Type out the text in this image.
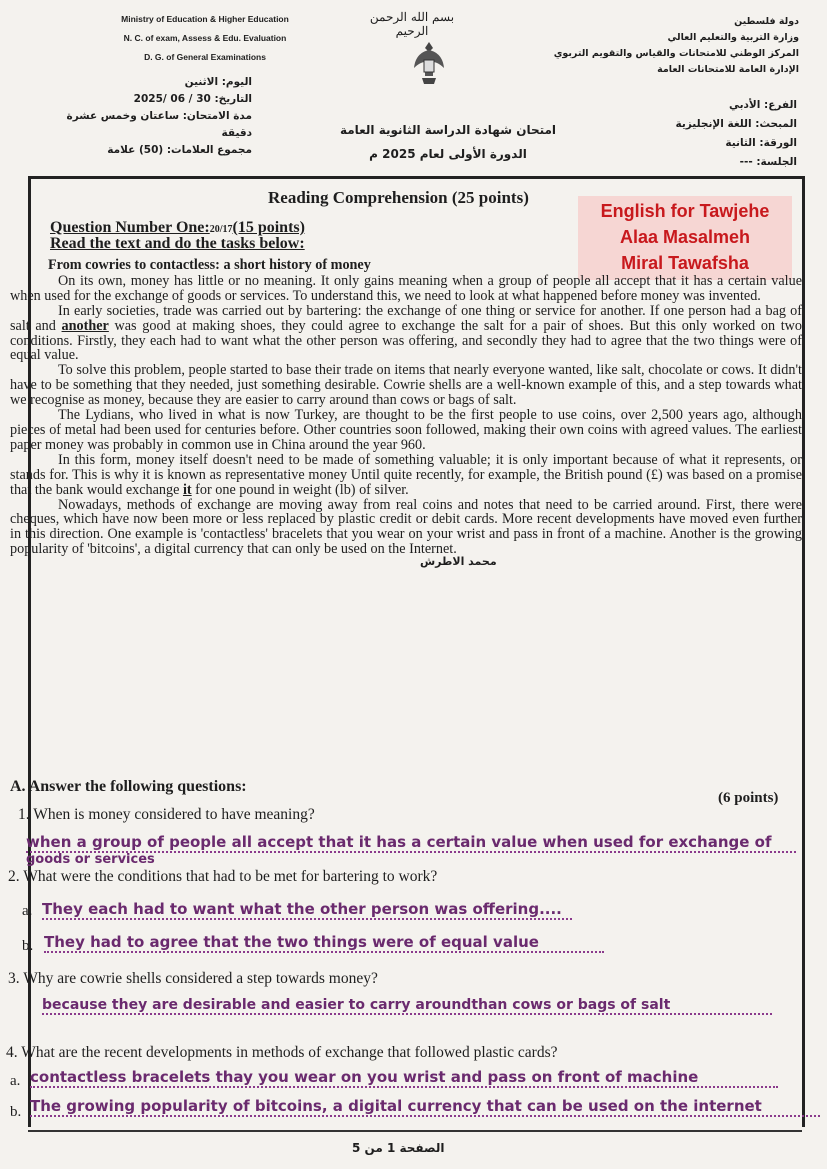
Ministry of Education & Higher Education
N. C. of exam, Assess & Edu. Evaluation
D. G. of General Examinations
بسم الله الرحمن الرحيم
دولة فلسطين
وزارة التربية والتعليم العالي
المركز الوطني للامتحانات والقياس والتقويم التربوي
الإدارة العامة للامتحانات العامة
اليوم: الاثنين
التاريخ: 30 / 06 /2025
مدة الامتحان: ساعتان وخمس عشرة دقيقة
مجموع العلامات: (50) علامة
امتحان شهادة الدراسة الثانوية العامة
الدورة الأولى لعام 2025 م
الفرع: الأدبي
المبحث: اللغة الإنجليزية
الورقة: الثانية
الجلسة: ---
Reading Comprehension (25 points)
English for Tawjehe
Alaa Masalmeh
Miral Tawafsha
Question Number One:20/17(15 points)
Read the text and do the tasks below:

From cowries to contactless: a short history of money

On its own, money has little or no meaning. It only gains meaning when a group of people all accept that it has a certain value when used for the exchange of goods or services. To understand this, we need to look at what happened before money was invented.

In early societies, trade was carried out by bartering: the exchange of one thing or service for another. If one person had a bag of salt and another was good at making shoes, they could agree to exchange the salt for a pair of shoes. But this only worked on two conditions. Firstly, they each had to want what the other person was offering, and secondly they had to agree that the two things were of equal value.

To solve this problem, people started to base their trade on items that nearly everyone wanted, like salt, chocolate or cows. It didn't have to be something that they needed, just something desirable. Cowrie shells are a well-known example of this, and a step towards what we recognise as money, because they are easier to carry around than cows or bags of salt.

The Lydians, who lived in what is now Turkey, are thought to be the first people to use coins, over 2,500 years ago, although pieces of metal had been used for centuries before. Other countries soon followed, making their own coins with agreed values. The earliest paper money was probably in common use in China around the year 960.

In this form, money itself doesn't need to be made of something valuable; it is only important because of what it represents, or stands for. This is why it is known as representative money Until quite recently, for example, the British pound (£) was based on a promise that the bank would exchange it for one pound in weight (lb) of silver.

Nowadays, methods of exchange are moving away from real coins and notes that need to be carried around. First, there were cheques, which have now been more or less replaced by plastic credit or debit cards. More recent developments have moved even further in this direction. One example is 'contactless' bracelets that you wear on your wrist and pass in front of a machine. Another is the growing popularity of 'bitcoins', a digital currency that can only be used on the Internet.

محمد الاطرش
A. Answer the following questions:
(6 points)
1. When is money considered to have meaning?
when a group of people all accept that it has a certain value when used for exchange of
goods or services
2. What were the conditions that had to be met for bartering to work?
a. They each had to want what the other person was offering....
b. They had to agree that the two things were of equal value
3. Why are cowrie shells considered a step towards money?
because they are desirable and easier to carry aroundthan cows or bags of salt
4. What are the recent developments in methods of exchange that followed plastic cards?
a. contactless bracelets thay you wear on you wrist and pass on front of machine
b. The growing popularity of bitcoins, a digital currency that can be used on the internet
الصفحة 1 من 5
